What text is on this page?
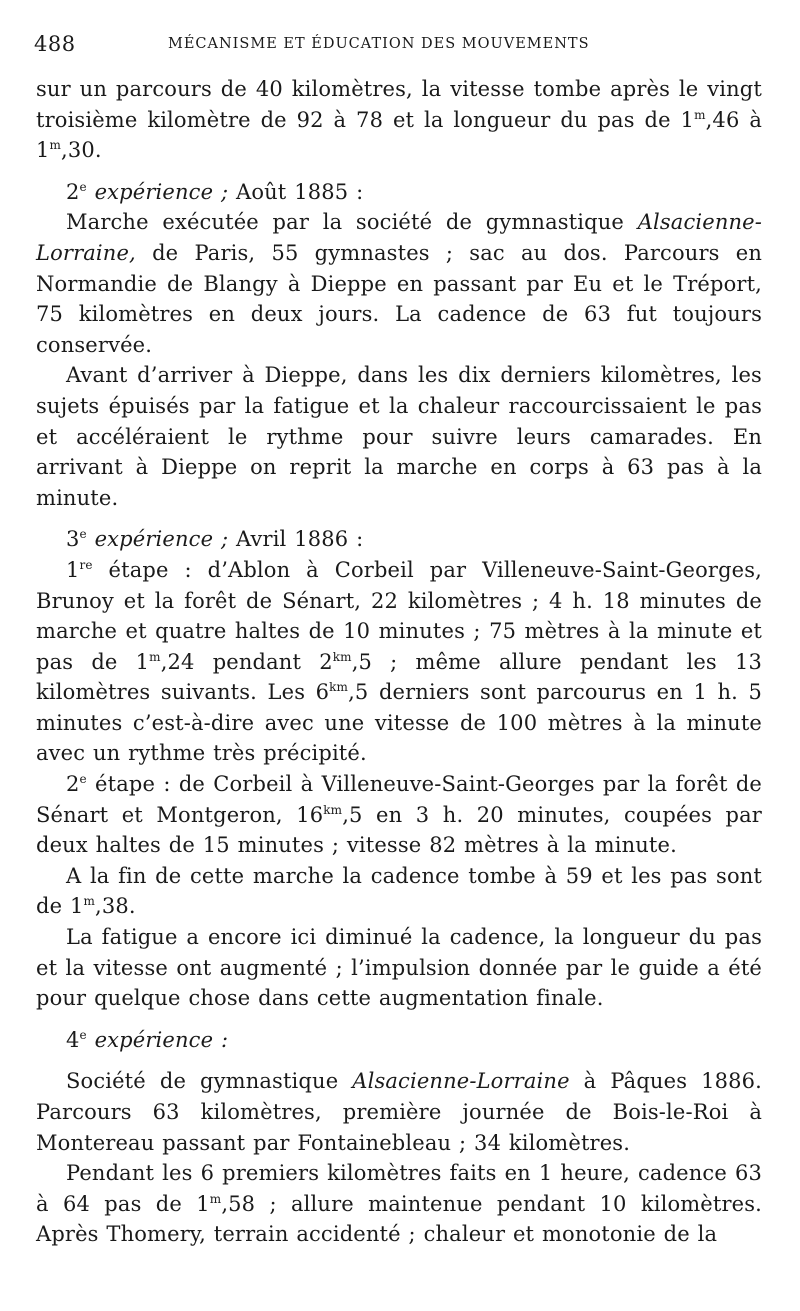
488	MÉCANISME ET ÉDUCATION DES MOUVEMENTS

sur un parcours de 40 kilomètres, la vitesse tombe après le vingt troisième kilomètre de 92 à 78 et la longueur du pas de 1$^m$,46 à 1$^m$,30.

2e expérience ; Août 1885 :

Marche exécutée par la société de gymnastique Alsacienne-Lorraine, de Paris, 55 gymnastes ; sac au dos. Parcours en Normandie de Blangy à Dieppe en passant par Eu et le Tréport, 75 kilomètres en deux jours. La cadence de 63 fut toujours conservée.

Avant d’arriver à Dieppe, dans les dix derniers kilomètres, les sujets épuisés par la fatigue et la chaleur raccourcissaient le pas et accéléraient le rythme pour suivre leurs camarades. En arrivant à Dieppe on reprit la marche en corps à 63 pas à la minute.

3e expérience ; Avril 1886 :

1re étape : d’Ablon à Corbeil par Villeneuve-Saint-Georges, Brunoy et la forêt de Sénart, 22 kilomètres ; 4 h. 18 minutes de marche et quatre haltes de 10 minutes ; 75 mètres à la minute et pas de 1$^m$,24 pendant $2^{km},5$ ; même allure pendant les 13 kilomètres suivants. Les $6^{km},5$ derniers sont parcourus en 1 h. 5 minutes c’est-à-dire avec une vitesse de 100 mètres à la minute avec un rythme très précipité.

2e étape : de Corbeil à Villeneuve-Saint-Georges par la forêt de Sénart et Montgeron, $16^{km},5$ en 3 h. 20 minutes, coupées par deux haltes de 15 minutes ; vitesse 82 mètres à la minute.

A la fin de cette marche la cadence tombe à 59 et les pas sont de 1$^m$,38.

La fatigue a encore ici diminué la cadence, la longueur du pas et la vitesse ont augmenté ; l’impulsion donnée par le guide a été pour quelque chose dans cette augmentation finale.

4e expérience :

Société de gymnastique Alsacienne-Lorraine à Pâques 1886. Parcours 63 kilomètres, première journée de Bois-le-Roi à Montereau passant par Fontainebleau ; 34 kilomètres.

Pendant les 6 premiers kilomètres faits en 1 heure, cadence 63 à 64 pas de 1$^m$,58 ; allure maintenue pendant 10 kilomètres. Après Thomery, terrain accidenté ; chaleur et monotonie de la
